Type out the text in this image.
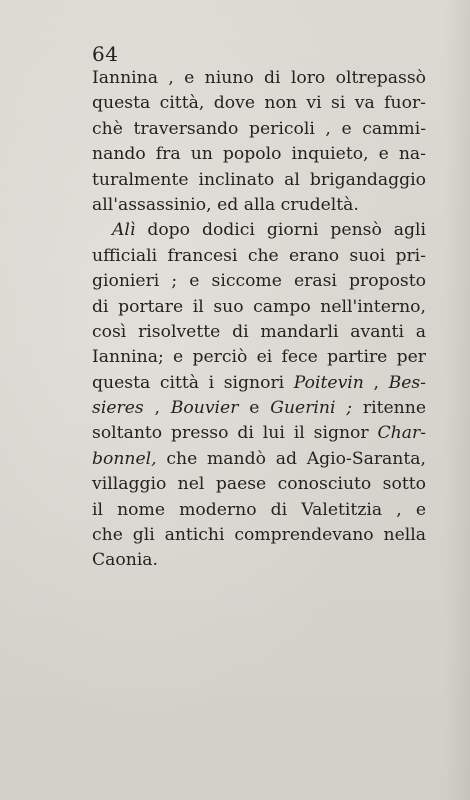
64
Iannina , e niuno di loro oltrepassò
questa città, dove non vi si va fuor-
chè traversando pericoli , e cammi-
nando fra un popolo inquieto, e na-
turalmente inclinato al brigandaggio
all'assassinio, ed alla crudeltà.
Alì dopo dodici giorni pensò agli
ufficiali francesi che erano suoi pri-
gionieri ; e siccome erasi proposto
di portare il suo campo nell'interno,
così risolvette di mandarli avanti a
Iannina; e perciò ei fece partire per
questa città i signori Poitevin , Bes-
sieres , Bouvier e Guerini ; ritenne
soltanto presso di lui il signor Char-
bonnel, che mandò ad Agio-Saranta,
villaggio nel paese conosciuto sotto
il nome moderno di Valetitzia , e
che gli antichi comprendevano nella
Caonia.
